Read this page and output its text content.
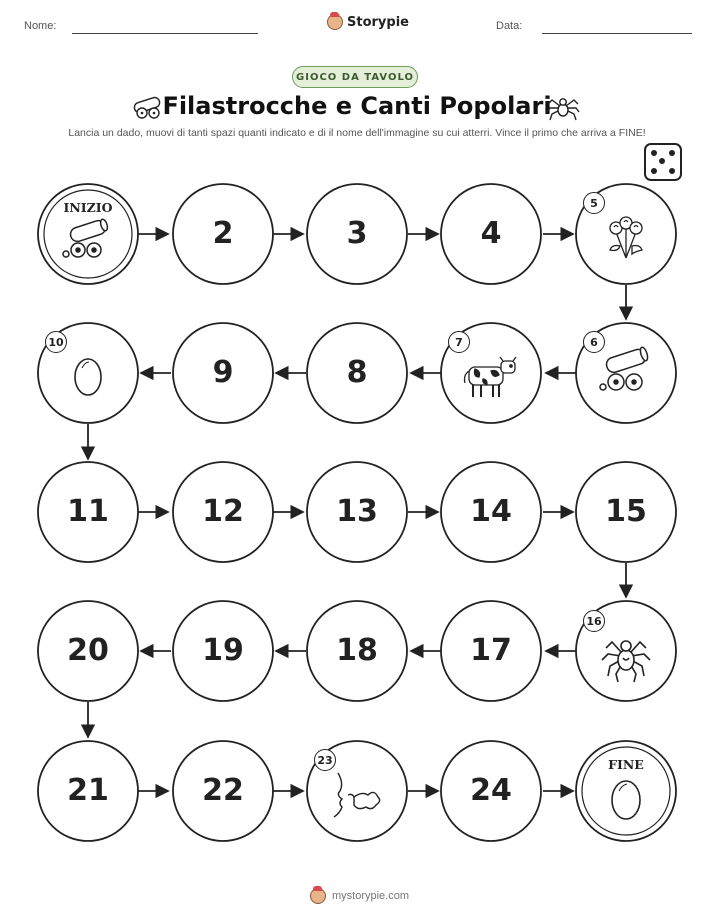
Nome:	Storypie	Data:
GIOCO DA TAVOLO
Filastrocche e Canti Popolari
Lancia un dado, muovi di tanti spazi quanti indicato e di il nome dell'immagine su cui atterri. Vince il primo che arriva a FINE!
INIZIO
FINE
2	3	4
8
9
11	12	13	14	15
17
18
19
20
21	22	24
5
6
7
10
16
23
mystorypie.com
